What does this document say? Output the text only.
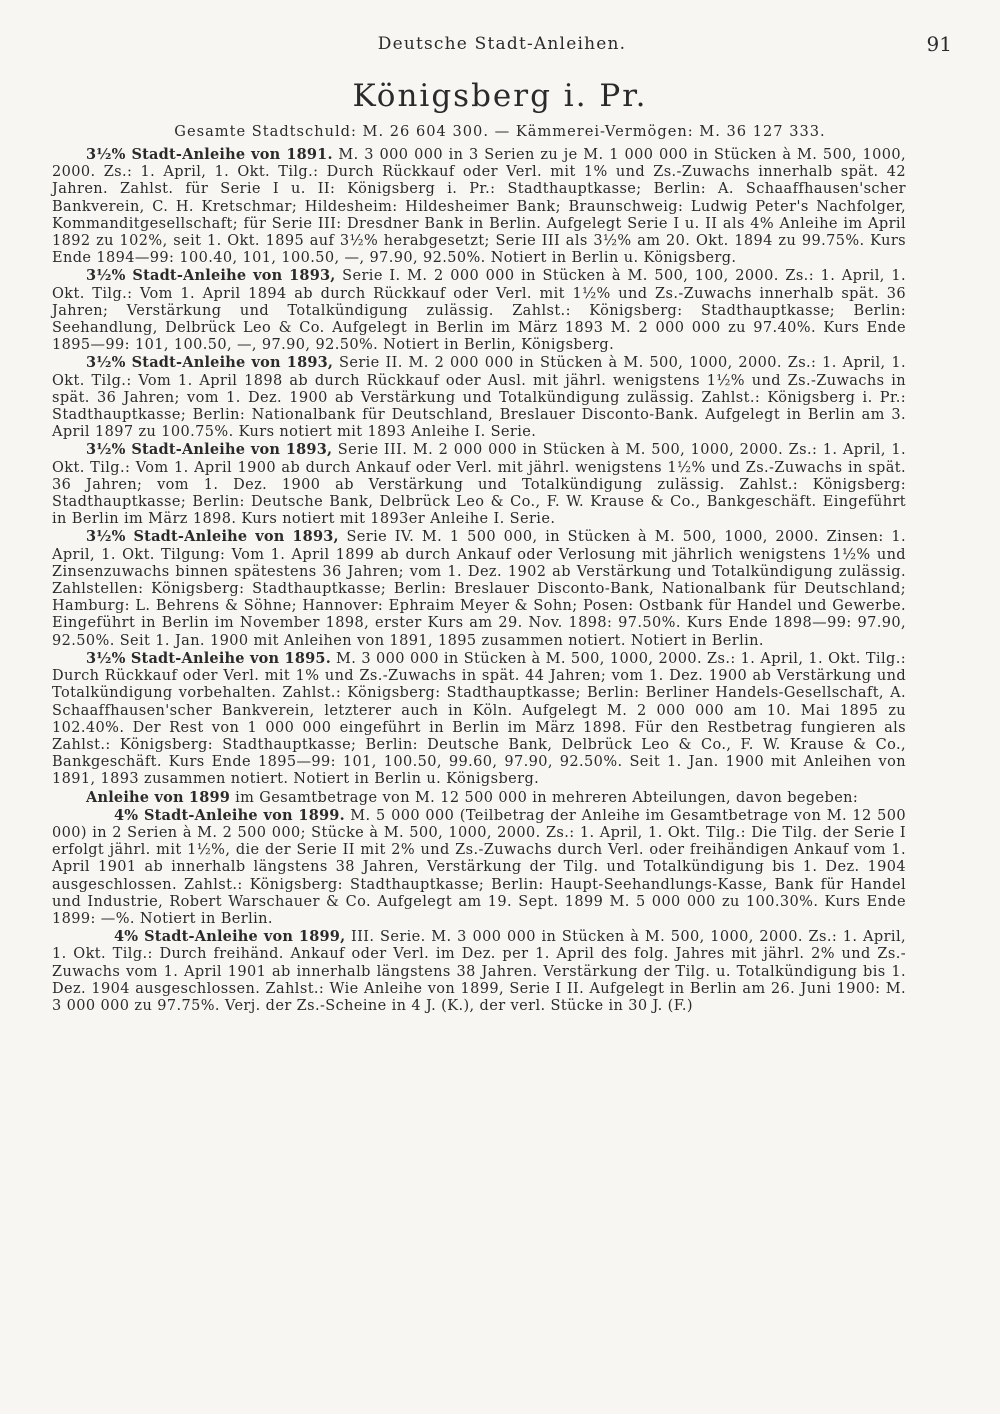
Deutsche Stadt-Anleihen.	91
Königsberg i. Pr.
Gesamte Stadtschuld: M. 26 604 300. — Kämmerei-Vermögen: M. 36 127 333.

3½% Stadt-Anleihe von 1891. M. 3 000 000 in 3 Serien zu je M. 1 000 000 in Stücken à M. 500, 1000, 2000. Zs.: 1. April, 1. Okt. Tilg.: Durch Rückkauf oder Verl. mit 1% und Zs.-Zuwachs innerhalb spät. 42 Jahren. Zahlst. für Serie I u. II: Königsberg i. Pr.: Stadthauptkasse; Berlin: A. Schaaffhausen'scher Bankverein, C. H. Kretschmar; Hildesheim: Hildesheimer Bank; Braunschweig: Ludwig Peter's Nachfolger, Kommanditgesellschaft; für Serie III: Dresdner Bank in Berlin. Aufgelegt Serie I u. II als 4% Anleihe im April 1892 zu 102%, seit 1. Okt. 1895 auf 3½% herabgesetzt; Serie III als 3½% am 20. Okt. 1894 zu 99.75%. Kurs Ende 1894—99: 100.40, 101, 100.50, —, 97.90, 92.50%. Notiert in Berlin u. Königsberg.

3½% Stadt-Anleihe von 1893, Serie I. M. 2 000 000 in Stücken à M. 500, 100, 2000. Zs.: 1. April, 1. Okt. Tilg.: Vom 1. April 1894 ab durch Rückkauf oder Verl. mit 1½% und Zs.-Zuwachs innerhalb spät. 36 Jahren; Verstärkung und Totalkündigung zulässig. Zahlst.: Königsberg: Stadthauptkasse; Berlin: Seehandlung, Delbrück Leo & Co. Aufgelegt in Berlin im März 1893 M. 2 000 000 zu 97.40%. Kurs Ende 1895—99: 101, 100.50, —, 97.90, 92.50%. Notiert in Berlin, Königsberg.

3½% Stadt-Anleihe von 1893, Serie II. M. 2 000 000 in Stücken à M. 500, 1000, 2000. Zs.: 1. April, 1. Okt. Tilg.: Vom 1. April 1898 ab durch Rückkauf oder Ausl. mit jährl. wenigstens 1½% und Zs.-Zuwachs in spät. 36 Jahren; vom 1. Dez. 1900 ab Verstärkung und Totalkündigung zulässig. Zahlst.: Königsberg i. Pr.: Stadthauptkasse; Berlin: Nationalbank für Deutschland, Breslauer Disconto-Bank. Aufgelegt in Berlin am 3. April 1897 zu 100.75%. Kurs notiert mit 1893 Anleihe I. Serie.

3½% Stadt-Anleihe von 1893, Serie III. M. 2 000 000 in Stücken à M. 500, 1000, 2000. Zs.: 1. April, 1. Okt. Tilg.: Vom 1. April 1900 ab durch Ankauf oder Verl. mit jährl. wenigstens 1½% und Zs.-Zuwachs in spät. 36 Jahren; vom 1. Dez. 1900 ab Verstärkung und Totalkündigung zulässig. Zahlst.: Königsberg: Stadthauptkasse; Berlin: Deutsche Bank, Delbrück Leo & Co., F. W. Krause & Co., Bankgeschäft. Eingeführt in Berlin im März 1898. Kurs notiert mit 1893er Anleihe I. Serie.

3½% Stadt-Anleihe von 1893, Serie IV. M. 1 500 000, in Stücken à M. 500, 1000, 2000. Zinsen: 1. April, 1. Okt. Tilgung: Vom 1. April 1899 ab durch Ankauf oder Verlosung mit jährlich wenigstens 1½% und Zinsenzuwachs binnen spätestens 36 Jahren; vom 1. Dez. 1902 ab Verstärkung und Totalkündigung zulässig. Zahlstellen: Königsberg: Stadthauptkasse; Berlin: Breslauer Disconto-Bank, Nationalbank für Deutschland; Hamburg: L. Behrens & Söhne; Hannover: Ephraim Meyer & Sohn; Posen: Ostbank für Handel und Gewerbe. Eingeführt in Berlin im November 1898, erster Kurs am 29. Nov. 1898: 97.50%. Kurs Ende 1898—99: 97.90, 92.50%. Seit 1. Jan. 1900 mit Anleihen von 1891, 1895 zusammen notiert. Notiert in Berlin.

3½% Stadt-Anleihe von 1895. M. 3 000 000 in Stücken à M. 500, 1000, 2000. Zs.: 1. April, 1. Okt. Tilg.: Durch Rückkauf oder Verl. mit 1% und Zs.-Zuwachs in spät. 44 Jahren; vom 1. Dez. 1900 ab Verstärkung und Totalkündigung vorbehalten. Zahlst.: Königsberg: Stadthauptkasse; Berlin: Berliner Handels-Gesellschaft, A. Schaaffhausen'scher Bankverein, letzterer auch in Köln. Aufgelegt M. 2 000 000 am 10. Mai 1895 zu 102.40%. Der Rest von 1 000 000 eingeführt in Berlin im März 1898. Für den Restbetrag fungieren als Zahlst.: Königsberg: Stadthauptkasse; Berlin: Deutsche Bank, Delbrück Leo & Co., F. W. Krause & Co., Bankgeschäft. Kurs Ende 1895—99: 101, 100.50, 99.60, 97.90, 92.50%. Seit 1. Jan. 1900 mit Anleihen von 1891, 1893 zusammen notiert. Notiert in Berlin u. Königsberg.

Anleihe von 1899 im Gesamtbetrage von M. 12 500 000 in mehreren Abteilungen, davon begeben:

4% Stadt-Anleihe von 1899. M. 5 000 000 (Teilbetrag der Anleihe im Gesamtbetrage von M. 12 500 000) in 2 Serien à M. 2 500 000; Stücke à M. 500, 1000, 2000. Zs.: 1. April, 1. Okt. Tilg.: Die Tilg. der Serie I erfolgt jährl. mit 1½%, die der Serie II mit 2% und Zs.-Zuwachs durch Verl. oder freihändigen Ankauf vom 1. April 1901 ab innerhalb längstens 38 Jahren, Verstärkung der Tilg. und Totalkündigung bis 1. Dez. 1904 ausgeschlossen. Zahlst.: Königsberg: Stadthauptkasse; Berlin: Haupt-Seehandlungs-Kasse, Bank für Handel und Industrie, Robert Warschauer & Co. Aufgelegt am 19. Sept. 1899 M. 5 000 000 zu 100.30%. Kurs Ende 1899: —%. Notiert in Berlin.

4% Stadt-Anleihe von 1899, III. Serie. M. 3 000 000 in Stücken à M. 500, 1000, 2000. Zs.: 1. April, 1. Okt. Tilg.: Durch freihänd. Ankauf oder Verl. im Dez. per 1. April des folg. Jahres mit jährl. 2% und Zs.-Zuwachs vom 1. April 1901 ab innerhalb längstens 38 Jahren. Verstärkung der Tilg. u. Totalkündigung bis 1. Dez. 1904 ausgeschlossen. Zahlst.: Wie Anleihe von 1899, Serie I II. Aufgelegt in Berlin am 26. Juni 1900: M. 3 000 000 zu 97.75%. Verj. der Zs.-Scheine in 4 J. (K.), der verl. Stücke in 30 J. (F.)
